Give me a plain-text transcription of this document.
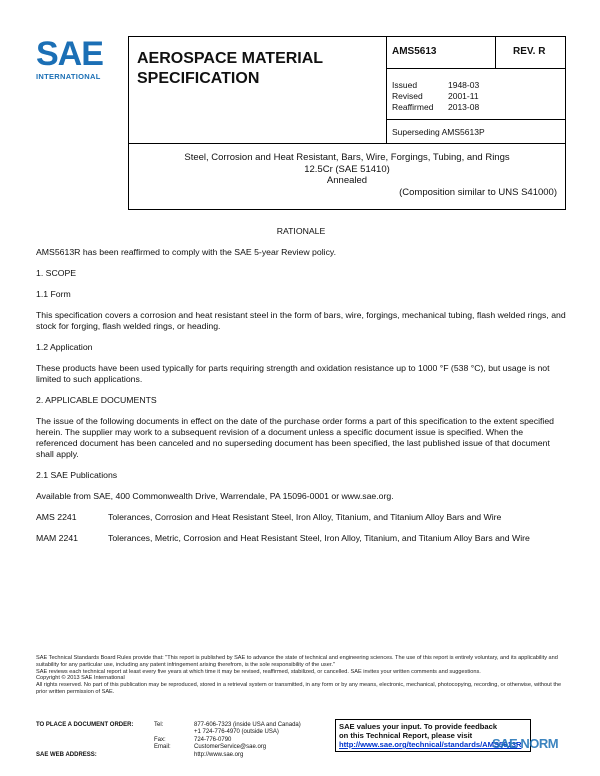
SAE
INTERNATIONAL
AEROSPACE MATERIAL
SPECIFICATION
AMS5613	REV. R
Issued	1948-03
Revised	2001-11
Reaffirmed 2013-08
Superseding AMS5613P
Steel, Corrosion and Heat Resistant, Bars, Wire, Forgings, Tubing, and Rings
12.5Cr (SAE 51410)
Annealed
(Composition similar to UNS S41000)

RATIONALE

AMS5613R has been reaffirmed to comply with the SAE 5-year Review policy.

1. SCOPE

1.1 Form

This specification covers a corrosion and heat resistant steel in the form of bars, wire, forgings, mechanical tubing, flash welded rings, and stock for forging, flash welded rings, or heading.

1.2 Application

These products have been used typically for parts requiring strength and oxidation resistance up to 1000 °F (538 °C), but usage is not limited to such applications.

2. APPLICABLE DOCUMENTS

The issue of the following documents in effect on the date of the purchase order forms a part of this specification to the extent specified herein. The supplier may work to a subsequent revision of a document unless a specific document issue is specified. When the referenced document has been canceled and no superseding document has been specified, the last published issue of that document shall apply.

2.1 SAE Publications

Available from SAE, 400 Commonwealth Drive, Warrendale, PA 15096-0001 or www.sae.org.

AMS 2241	Tolerances, Corrosion and Heat Resistant Steel, Iron Alloy, Titanium, and Titanium Alloy Bars and Wire
MAM 2241	Tolerances, Metric, Corrosion and Heat Resistant Steel, Iron Alloy, Titanium, and Titanium Alloy Bars and Wire

SAE Technical Standards Board Rules provide that: "This report is published by SAE to advance the state of technical and engineering sciences. The use of this report is entirely voluntary, and its applicability and suitability for any particular use, including any patent infringement arising therefrom, is the sole responsibility of the user."

SAE reviews each technical report at least every five years at which time it may be revised, reaffirmed, stabilized, or cancelled. SAE invites your written comments and suggestions.

Copyright © 2013 SAE International

All rights reserved. No part of this publication may be reproduced, stored in a retrieval system or transmitted, in any form or by any means, electronic, mechanical, photocopying, recording, or otherwise, without the prior written permission of SAE.

TO PLACE A DOCUMENT ORDER:	Tel:	877-606-7323 (inside USA and Canada)
+1 724-776-4970 (outside USA)
Fax:	724-776-0790
Email:	CustomerService@sae.org
SAE WEB ADDRESS:	http://www.sae.org
SAE values your input. To provide feedback
on this Technical Report, please visit
http://www.sae.org/technical/standards/AMS5613R
SAE NORM
